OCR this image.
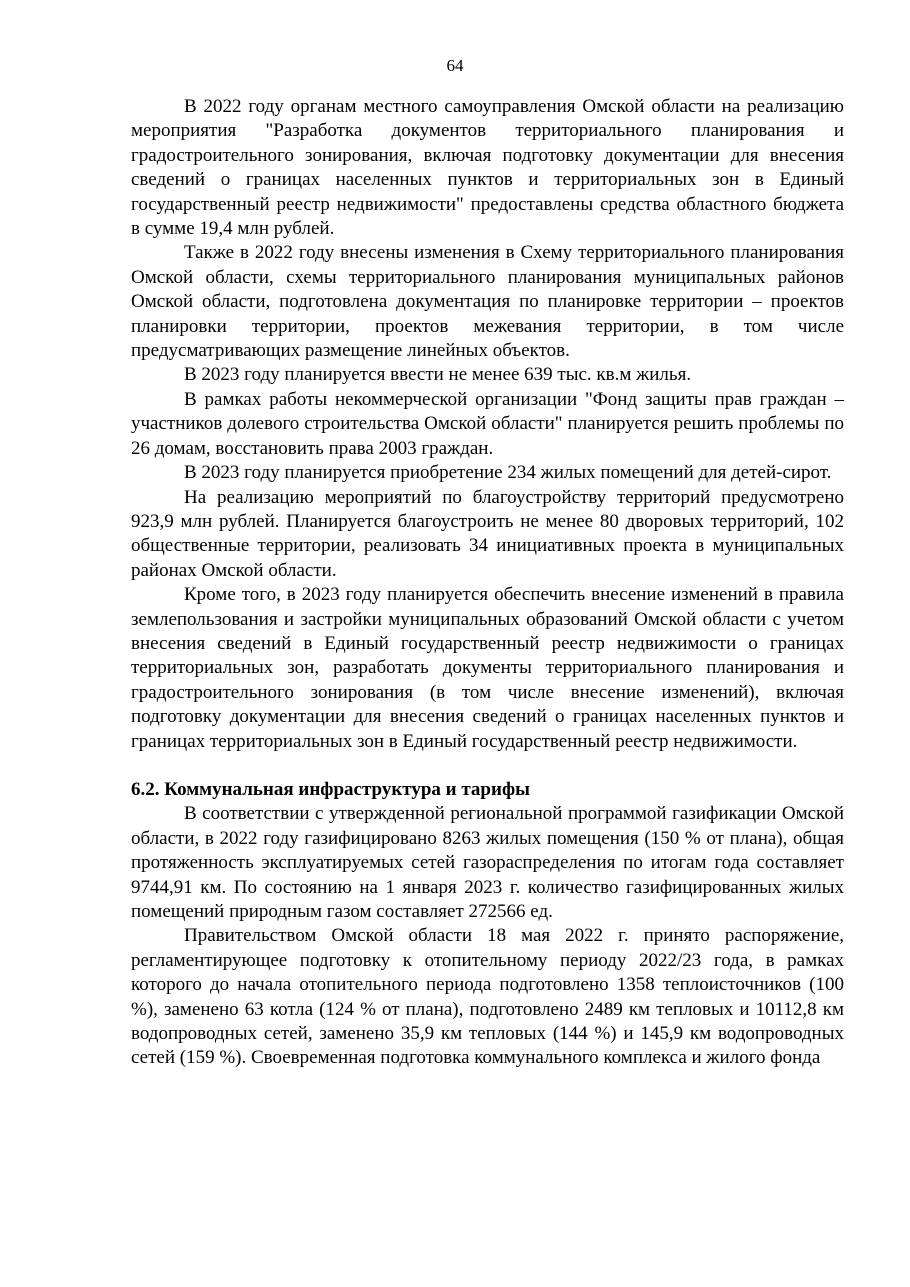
64

В 2022 году органам местного самоуправления Омской области на реализацию мероприятия "Разработка документов территориального планирования и градостроительного зонирования, включая подготовку документации для внесения сведений о границах населенных пунктов и территориальных зон в Единый государственный реестр недвижимости" предоставлены средства областного бюджета в сумме 19,4 млн рублей.

Также в 2022 году внесены изменения в Схему территориального планирования Омской области, схемы территориального планирования муниципальных районов Омской области, подготовлена документация по планировке территории – проектов планировки территории, проектов межевания территории, в том числе предусматривающих размещение линейных объектов.

В 2023 году планируется ввести не менее 639 тыс. кв.м жилья.

В рамках работы некоммерческой организации "Фонд защиты прав граждан – участников долевого строительства Омской области" планируется решить проблемы по 26 домам, восстановить права 2003 граждан.

В 2023 году планируется приобретение 234 жилых помещений для детей-сирот.

На реализацию мероприятий по благоустройству территорий предусмотрено 923,9 млн рублей. Планируется благоустроить не менее 80 дворовых территорий, 102 общественные территории, реализовать 34 инициативных проекта в муниципальных районах Омской области.

Кроме того, в 2023 году планируется обеспечить внесение изменений в правила землепользования и застройки муниципальных образований Омской области с учетом внесения сведений в Единый государственный реестр недвижимости о границах территориальных зон, разработать документы территориального планирования и градостроительного зонирования (в том числе внесение изменений), включая подготовку документации для внесения сведений о границах населенных пунктов и границах территориальных зон в Единый государственный реестр недвижимости.

6.2. Коммунальная инфраструктура и тарифы

В соответствии с утвержденной региональной программой газификации Омской области, в 2022 году газифицировано 8263 жилых помещения (150 % от плана), общая протяженность эксплуатируемых сетей газораспределения по итогам года составляет 9744,91 км. По состоянию на 1 января 2023 г. количество газифицированных жилых помещений природным газом составляет 272566 ед.

Правительством Омской области 18 мая 2022 г. принято распоряжение, регламентирующее подготовку к отопительному периоду 2022/23 года, в рамках которого до начала отопительного периода подготовлено 1358 теплоисточников (100 %), заменено 63 котла (124 % от плана), подготовлено 2489 км тепловых и 10112,8 км водопроводных сетей, заменено 35,9 км тепловых (144 %) и 145,9 км водопроводных сетей (159 %). Своевременная подготовка коммунального комплекса и жилого фонда
